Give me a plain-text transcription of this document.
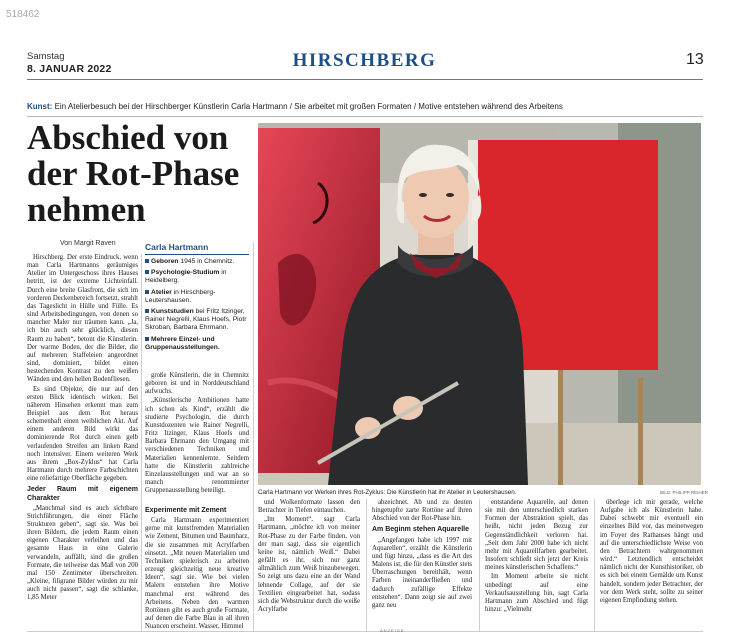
518462
Samstag
8. JANUAR 2022	HIRSCHBERG	13
Kunst: Ein Atelierbesuch bei der Hirschberger Künstlerin Carla Hartmann / Sie arbeitet mit großen Formaten / Motive entstehen während des Arbeitens
Abschied von der Rot-Phase nehmen
Von Margit Raven

Hirschberg. Der erste Eindruck, wenn man Carla Hartmanns geräumiges Atelier im Untergeschoss ihres Hauses betritt, ist der extreme Lichteinfall. Durch eine breite Glasfront, die sich im vorderen Deckenbereich fortsetzt, strahlt das Tageslicht in Hülle und Fülle. Es sind Arbeitsbedingungen, von denen so mancher Maler nur träumen kann. „Ja, ich bin auch sehr glücklich, diesen Raum zu haben“, betont die Künstlerin. Der warme Boden, der die Bilder, die auf mehreren Staffeleien angeordnet sind, dominiert, bildet einen bestechenden Kontrast zu den weißen Wänden und den hellen Bodenfliesen.

Es sind Objekte, die nur auf den ersten Blick identisch wirken. Bei näherem Hinsehen erkennt man zum Beispiel aus dem Rot heraus schemenhaft einen weiblichen Akt. Auf einem anderen Bild wirkt das dominierende Rot durch einen gelb verlaufenden Streifen am linken Rand noch intensiver. Einem weiteren Werk aus ihrem „Box-Zyklus“ hat Carla Hartmann durch mehrere Farbschichten eine reliefartige Oberfläche gegeben.

Jeder Raum mit eigenem Charakter

„Manchmal sind es auch sichtbare Strichführungen, die einer Fläche Strukturen geben“, sagt sie. Was bei ihren Bildern, die jedem Raum einen eigenen Charakter verleihen und das gesamte Haus in eine Galerie verwandeln, auffällt, sind die großen Formate, die teilweise das Maß von 200 mal 150 Zentimeter überschreiten. „Kleine, filigrane Bilder würden zu mir auch nicht passen“, sagt die schlanke, 1,85 Meter

Carla Hartmann
Geboren 1945 in Chemnitz.
Psychologie-Studium in Heidelberg.
Atelier in Hirschberg-Leutershausen.
Kunststudien bei Fritz Itzinger, Rainer Negrelli, Klaus Hoefs, Piotr Skroban, Barbara Ehrmann.
Mehrere Einzel- und Gruppenausstellungen.

große Künstlerin, die in Chemnitz geboren ist und in Norddeutschland aufwuchs.

„Künstlerische Ambitionen hatte ich schon als Kind“, erzählt die studierte Psychologin, die durch Kunstdozenten wie Rainer Negrelli, Fritz Itzinger, Klaus Hoefs und Barbara Ehrmann den Umgang mit verschiedenen Techniken und Materialien kennenlernte. Seitdem hatte die Künstlerin zahlreiche Einzelausstellungen und war an so manch renommierter Gruppenausstellung beteiligt.

Experimente mit Zement

Carla Hartmann experimentiert gerne mit kunstfremden Materialien wie Zement, Bitumen und Baumharz, die sie zusammen mit Acrylfarben einsetzt. „Mit neuen Materialien und Techniken spielerisch zu arbeiten erzeugt gleichzeitig neue kreative Ideen“, sagt sie. Wie bei vielen Malern entstehen ihre Motive manchmal erst während des Arbeitens. Neben den warmen Rottönen gibt es auch große Formate, auf denen die Farbe Blau in all ihren Nuancen erscheint. Wasser, Himmel

Carla Hartmann vor Werken ihres Rot-Zyklus: Die Künstlerin hat ihr Atelier in Leutershausen.	BILD: PHILIPP REIHER

und Wolkenformate lassen den Betrachter in Tiefen eintauchen.

„Im Moment“, sagt Carla Hartmann, „möchte ich von meiner Rot-Phase zu der Farbe finden, von der man sagt, dass sie eigentlich keine ist, nämlich Weiß.“ Dabei gefällt es ihr, sich nur ganz allmählich zum Weiß hinzubewegen. So zeigt uns dazu eine an der Wand lehnende Collage, auf der sie Textilien eingearbeitet hat, sodass sich die Webstruktur durch die weiße Acrylfarbe

abzeichnet. Ab und zu deuten hingetupfte zarte Rottöne auf ihren Abschied von der Rot-Phase hin.

Am Beginm stehen Aquarelle

„Angefangen habe ich 1997 mit Aquarellen“, erzählt die Künstlerin und fügt hinzu, „dass es die Art des Malens ist, die für den Künstler stets Überraschungen bereithält, wenn Farben ineinanderfließen und dadurch zufällige Effekte entstehen“. Dann zeigt sie auf zwei ganz neu

entstandene Aquarelle, auf denen sie mit den unterschiedlich starken Formen der Abstraktion spielt, das heißt, nicht jeden Bezug zur Gegenständlichkeit verloren hat. „Seit dem Jahr 2000 habe ich nicht mehr mit Aquarellfarben gearbeitet. Insofern schließt sich jetzt der Kreis meines künstlerischen Schaffens.“

Im Moment arbeite sie nicht unbedingt auf eine Verkaufsausstellung hin, sagt Carla Hartmann zum Abschied und fügt hinzu: „Vielmehr

überlege ich mir gerade, welche Aufgabe ich als Künstlerin habe. Dabei schwebt mir eventuell ein einzelnes Bild vor, das meinetwegen im Foyer des Rathauses hängt und auf die unterschiedlichste Weise von den Betrachtern wahrgenommen wird.“ Letztendlich entscheidet nämlich nicht der Kunsthistoriker, ob es sich bei einem Gemälde um Kunst handelt, sondern jeder Betrachter, der vor dem Werk steht, sollte zu seiner eigenen Empfindung stehen.

ANZEIGE
